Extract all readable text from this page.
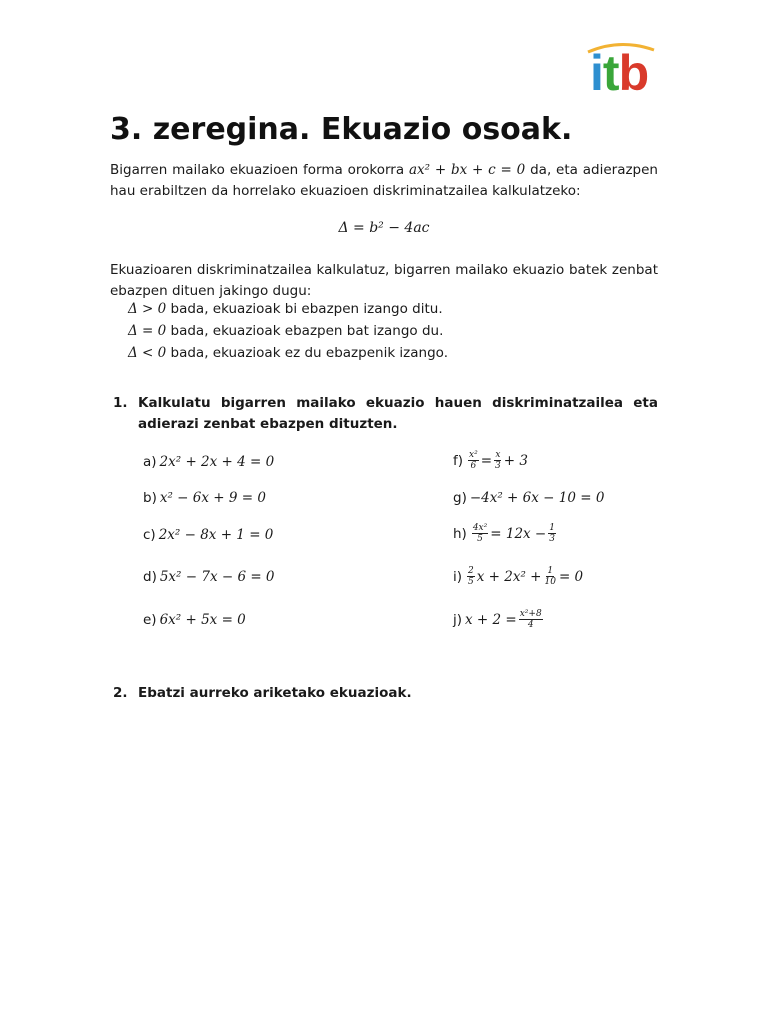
itb
3. zeregina. Ekuazio osoak.
Bigarren mailako ekuazioen forma orokorra ax² + bx + c = 0 da, eta adierazpen hau erabiltzen da horrelako ekuazioen diskriminatzailea kalkulatzeko:
Δ = b² − 4ac
Ekuazioaren diskriminatzailea kalkulatuz, bigarren mailako ekuazio batek zenbat ebazpen dituen jakingo dugu:
Δ > 0 bada, ekuazioak bi ebazpen izango ditu.
Δ = 0 bada, ekuazioak ebazpen bat izango du.
Δ < 0 bada, ekuazioak ez du ebazpenik izango.
1. Kalkulatu bigarren mailako ekuazio hauen diskriminatzailea eta adierazi zenbat ebazpen dituzten.
a) 2x² + 2x + 4 = 0
b) x² − 6x + 9 = 0
c) 2x² − 8x + 1 = 0
d) 5x² − 7x − 6 = 0
e) 6x² + 5x = 0
$f) \frac{\text{x²}}{6} = \frac{x}{3} + 3$
g) −4x² + 6x − 10 = 0
$h) \frac{\text{4x²}}{5} = 12x - \frac{1}{3}$
$i) \frac{2}{5}$ $x + 2x^2 + \frac{1}{10} = 0$
j) $x + 2 = \frac{\text{x²+8}}{4}$
2. Ebatzi aurreko ariketako ekuazioak.
